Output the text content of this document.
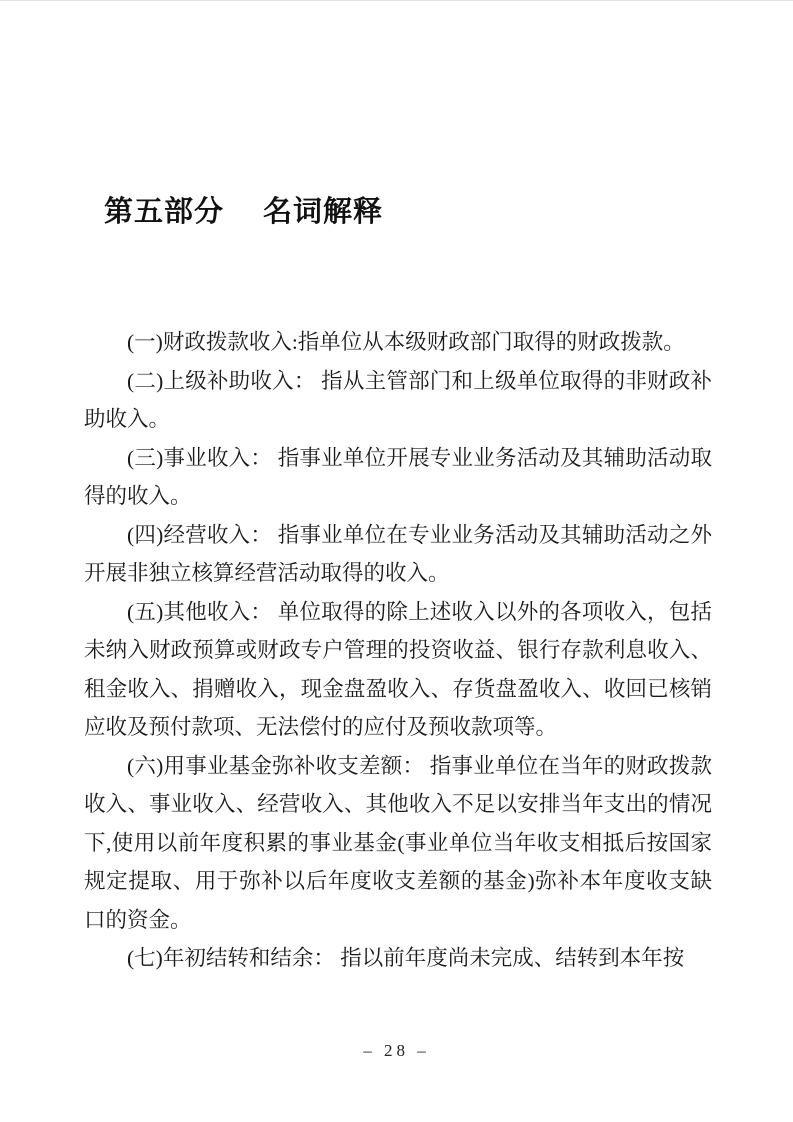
第五部分　 名词解释

(一)财政拨款收入:指单位从本级财政部门取得的财政拨款。

(二)上级补助收入： 指从主管部门和上级单位取得的非财政补助收入。

(三)事业收入： 指事业单位开展专业业务活动及其辅助活动取得的收入。

(四)经营收入： 指事业单位在专业业务活动及其辅助活动之外开展非独立核算经营活动取得的收入。

(五)其他收入： 单位取得的除上述收入以外的各项收入，包括未纳入财政预算或财政专户管理的投资收益、银行存款利息收入、租金收入、捐赠收入，现金盘盈收入、存货盘盈收入、收回已核销应收及预付款项、无法偿付的应付及预收款项等。

(六)用事业基金弥补收支差额： 指事业单位在当年的财政拨款收入、事业收入、经营收入、其他收入不足以安排当年支出的情况下,使用以前年度积累的事业基金(事业单位当年收支相抵后按国家规定提取、用于弥补以后年度收支差额的基金)弥补本年度收支缺口的资金。

(七)年初结转和结余： 指以前年度尚未完成、结转到本年按

– 28 –
